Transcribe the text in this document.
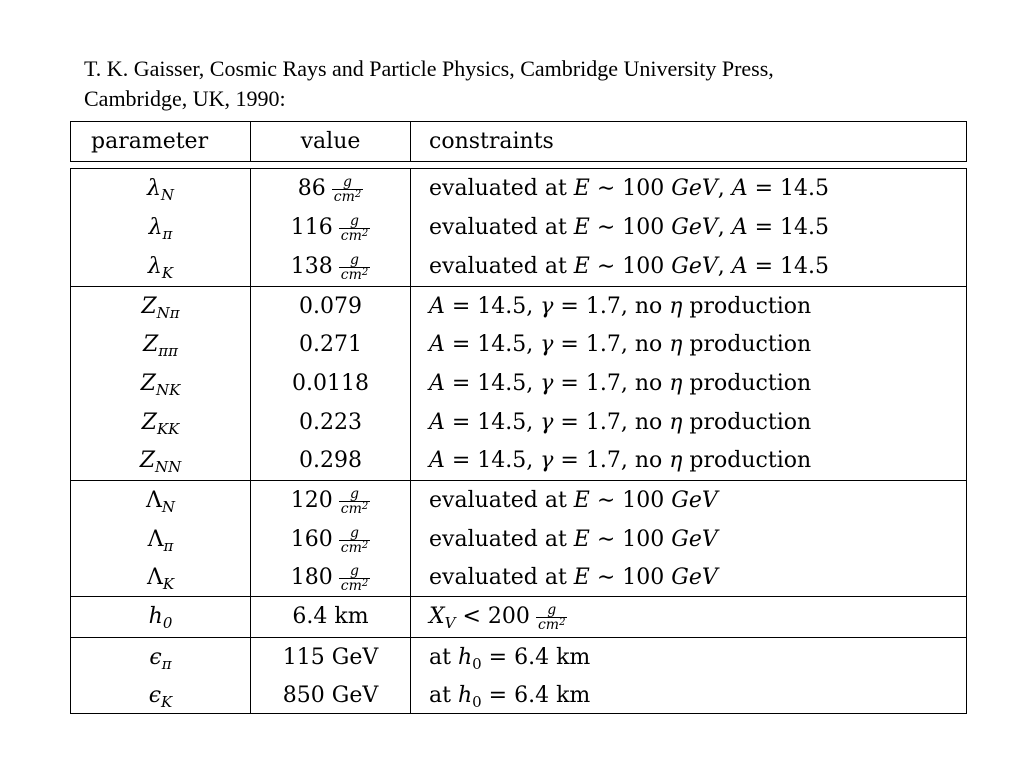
T. K. Gaisser, Cosmic Rays and Particle Physics, Cambridge University Press,
Cambridge, UK, 1990:
parameter	value	constraints
$\lambda_N$	$86 \frac{g}{cm^2}$	evaluated at E ∼ 100 GeV, A = 14.5
$\lambda_\pi$	$116 \frac{g}{cm^2}$	evaluated at E ∼ 100 GeV, A = 14.5
$\lambda_K$	$138 \frac{g}{cm^2}$	evaluated at E ∼ 100 GeV, A = 14.5
$Z_{N\pi}$	0.079	A = 14.5, γ = 1.7, no η production
$Z_{\pi\pi}$	0.271	A = 14.5, γ = 1.7, no η production
$Z_{NK}$	0.0118	A = 14.5, γ = 1.7, no η production
$Z_{KK}$	0.223	A = 14.5, γ = 1.7, no η production
$Z_{NN}$	0.298	A = 14.5, γ = 1.7, no η production
$\Lambda_N$	$120 \frac{g}{cm^2}$	evaluated at E ∼ 100 GeV
$\Lambda_\pi$	$160 \frac{g}{cm^2}$	evaluated at E ∼ 100 GeV
$\Lambda_K$	$180 \frac{g}{cm^2}$	evaluated at E ∼ 100 GeV
$h_0$	6.4 km	$X_V < 200 \frac{g}{cm^2}$
$\epsilon_\pi$	115 GeV	at $h_0 = 6.4$ km
$\epsilon_K$	850 GeV	at $h_0 = 6.4$ km
